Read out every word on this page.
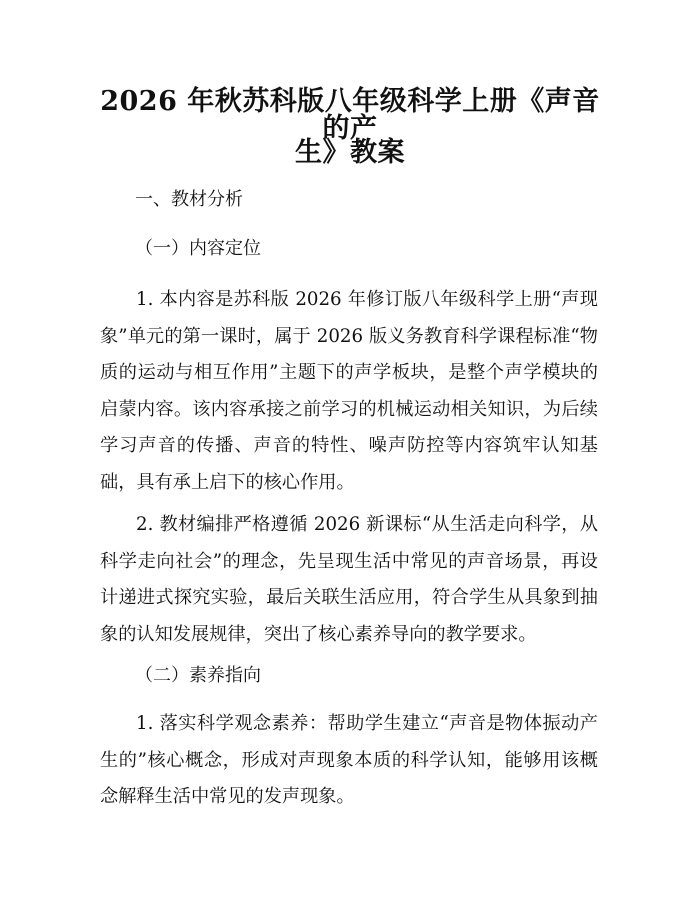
2026 年秋苏科版八年级科学上册《声音的产
生》教案

一、教材分析

（一）内容定位

1. 本内容是苏科版 2026 年修订版八年级科学上册“声现象”单元的第一课时，属于 2026 版义务教育科学课程标准“物质的运动与相互作用”主题下的声学板块，是整个声学模块的启蒙内容。该内容承接之前学习的机械运动相关知识，为后续学习声音的传播、声音的特性、噪声防控等内容筑牢认知基础，具有承上启下的核心作用。

2. 教材编排严格遵循 2026 新课标“从生活走向科学，从科学走向社会”的理念，先呈现生活中常见的声音场景，再设计递进式探究实验，最后关联生活应用，符合学生从具象到抽象的认知发展规律，突出了核心素养导向的教学要求。

（二）素养指向

1. 落实科学观念素养：帮助学生建立“声音是物体振动产生的”核心概念，形成对声现象本质的科学认知，能够用该概念解释生活中常见的发声现象。
